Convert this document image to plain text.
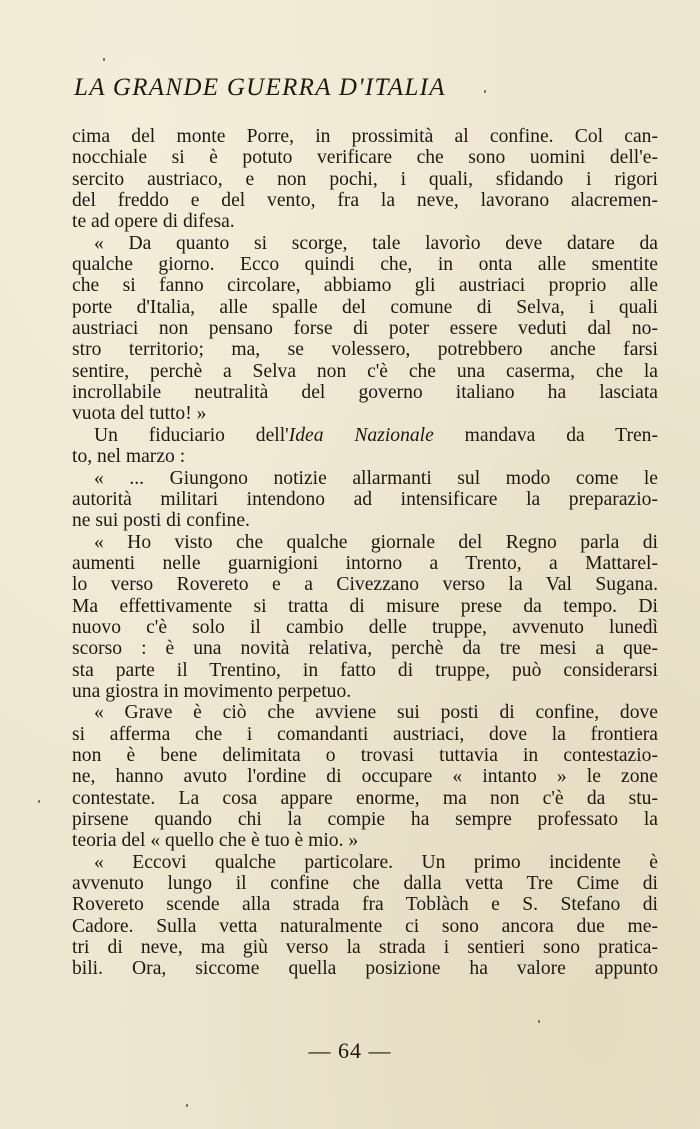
LA GRANDE GUERRA D'ITALIA
cima del monte Porre, in prossimità al confine. Col can-
nocchiale si è potuto verificare che sono uomini dell'e-
sercito austriaco, e non pochi, i quali, sfidando i rigori
del freddo e del vento, fra la neve, lavorano alacremen-
te ad opere di difesa.
« Da quanto si scorge, tale lavorìo deve datare da
qualche giorno. Ecco quindi che, in onta alle smentite
che si fanno circolare, abbiamo gli austriaci proprio alle
porte d'Italia, alle spalle del comune di Selva, i quali
austriaci non pensano forse di poter essere veduti dal no-
stro territorio; ma, se volessero, potrebbero anche farsi
sentire, perchè a Selva non c'è che una caserma, che la
incrollabile neutralità del governo italiano ha lasciata
vuota del tutto! »
Un fiduciario dell'Idea Nazionale mandava da Tren-
to, nel marzo :
« ... Giungono notizie allarmanti sul modo come le
autorità militari intendono ad intensificare la preparazio-
ne sui posti di confine.
« Ho visto che qualche giornale del Regno parla di
aumenti nelle guarnigioni intorno a Trento, a Mattarel-
lo verso Rovereto e a Civezzano verso la Val Sugana.
Ma effettivamente si tratta di misure prese da tempo. Di
nuovo c'è solo il cambio delle truppe, avvenuto lunedì
scorso : è una novità relativa, perchè da tre mesi a que-
sta parte il Trentino, in fatto di truppe, può considerarsi
una giostra in movimento perpetuo.
« Grave è ciò che avviene sui posti di confine, dove
si afferma che i comandanti austriaci, dove la frontiera
non è bene delimitata o trovasi tuttavia in contestazio-
ne, hanno avuto l'ordine di occupare « intanto » le zone
contestate. La cosa appare enorme, ma non c'è da stu-
pirsene quando chi la compie ha sempre professato la
teoria del « quello che è tuo è mio. »
« Eccovi qualche particolare. Un primo incidente è
avvenuto lungo il confine che dalla vetta Tre Cime di
Rovereto scende alla strada fra Toblàch e S. Stefano di
Cadore. Sulla vetta naturalmente ci sono ancora due me-
tri di neve, ma giù verso la strada i sentieri sono pratica-
bili. Ora, siccome quella posizione ha valore appunto
— 64 —
